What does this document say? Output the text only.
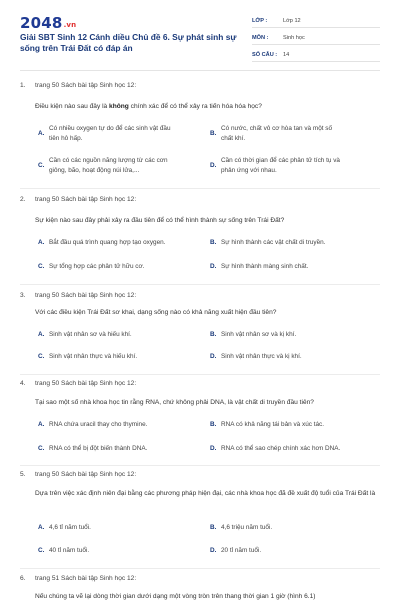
2048.vn
Giải SBT Sinh 12 Cánh diều Chủ đề 6. Sự phát sinh sự sống trên Trái Đất có đáp án
LỚP :	Lớp 12
MÔN :	Sinh học
SỐ CÂU : 14
1. trang 50 Sách bài tập Sinh học 12:
Điều kiện nào sau đây là không chính xác để có thể xảy ra tiến hóa hóa học?
A.
Có nhiều oxygen tự do để các sinh vật đầu
tiên hô hấp.
B.
Có nước, chất vô cơ hòa tan và một số
chất khí.
C.
Cần có các nguồn năng lượng từ các cơn
giông, bão, hoạt động núi lửa,...
D.
Cần có thời gian để các phân tử tích tụ và
phản ứng với nhau.
2. trang 50 Sách bài tập Sinh học 12:
Sự kiện nào sau đây phải xảy ra đầu tiên để có thể hình thành sự sống trên Trái Đất?
A. Bắt đầu quá trình quang hợp tạo oxygen.	B. Sự hình thành các vật chất di truyền.
C. Sự tổng hợp các phân tử hữu cơ.	D. Sự hình thành màng sinh chất.
3. trang 50 Sách bài tập Sinh học 12:
Với các điều kiện Trái Đất sơ khai, dạng sống nào có khả năng xuất hiện đầu tiên?
A. Sinh vật nhân sơ và hiếu khí.	B. Sinh vật nhân sơ và kị khí.
C. Sinh vật nhân thực và hiếu khí.	D. Sinh vật nhân thực và kị khí.
4. trang 50 Sách bài tập Sinh học 12:
Tại sao một số nhà khoa học tin rằng RNA, chứ không phải DNA, là vật chất di truyền đầu tiên?
A. RNA chứa uracil thay cho thymine.	B. RNA có khả năng tái bản và xúc tác.
C. RNA có thể bị đột biến thành DNA.	D. RNA có thể sao chép chính xác hơn DNA.
5. trang 50 Sách bài tập Sinh học 12:
Dựa trên việc xác định niên đại bằng các phương pháp hiện đại, các nhà khoa học đã đề xuất độ tuổi của Trái Đất là
A. 4,6 tỉ năm tuổi.	B. 4,6 triệu năm tuổi.
C. 40 tỉ năm tuổi.	D. 20 tỉ năm tuổi.
6. trang 51 Sách bài tập Sinh học 12:
Nếu chúng ta vẽ lại dòng thời gian dưới dạng một vòng tròn trên thang thời gian 1 giờ (hình 6.1)
